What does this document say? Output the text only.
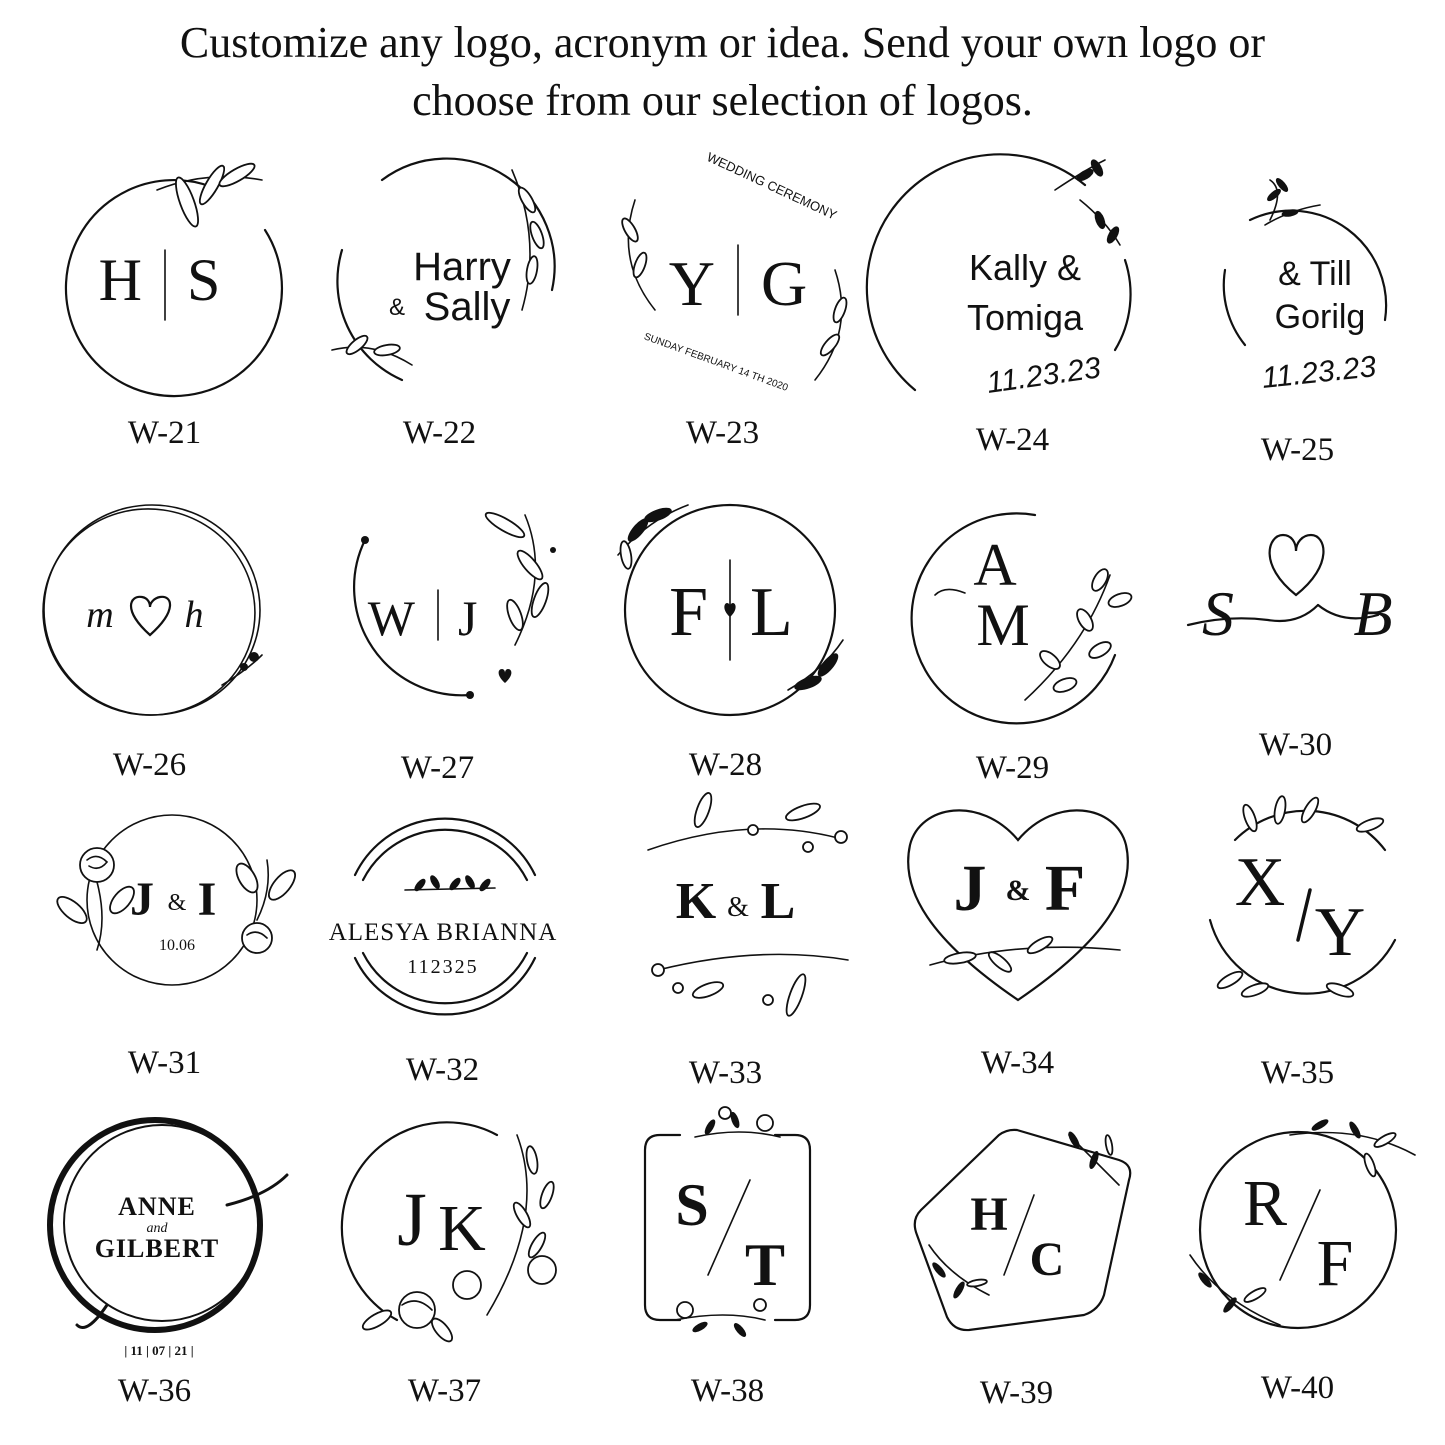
Customize any logo, acronym or idea. Send your own logo or
choose from our selection of logos.
H S
W-21
Harry
& Sally
W-22
Y G
WEDDING CEREMONY
SUNDAY FEBRUARY 14 TH 2020
W-23
Kally &
Tomiga
11.23.23
W-24
& Till
Gorilg
11.23.23
W-25
m h
W-26
W J
W-27
F L
W-28
A
M
W-29
S B
W-30
J & I
10.06
W-31
ALESYA BRIANNA
112325
W-32
K & L
W-33
J & F
W-34
X
Y
W-35
ANNE
and
GILBERT
| 11 | 07 | 21 |
W-36
J K
W-37
S
T
W-38
H
C
W-39
R
F
W-40
